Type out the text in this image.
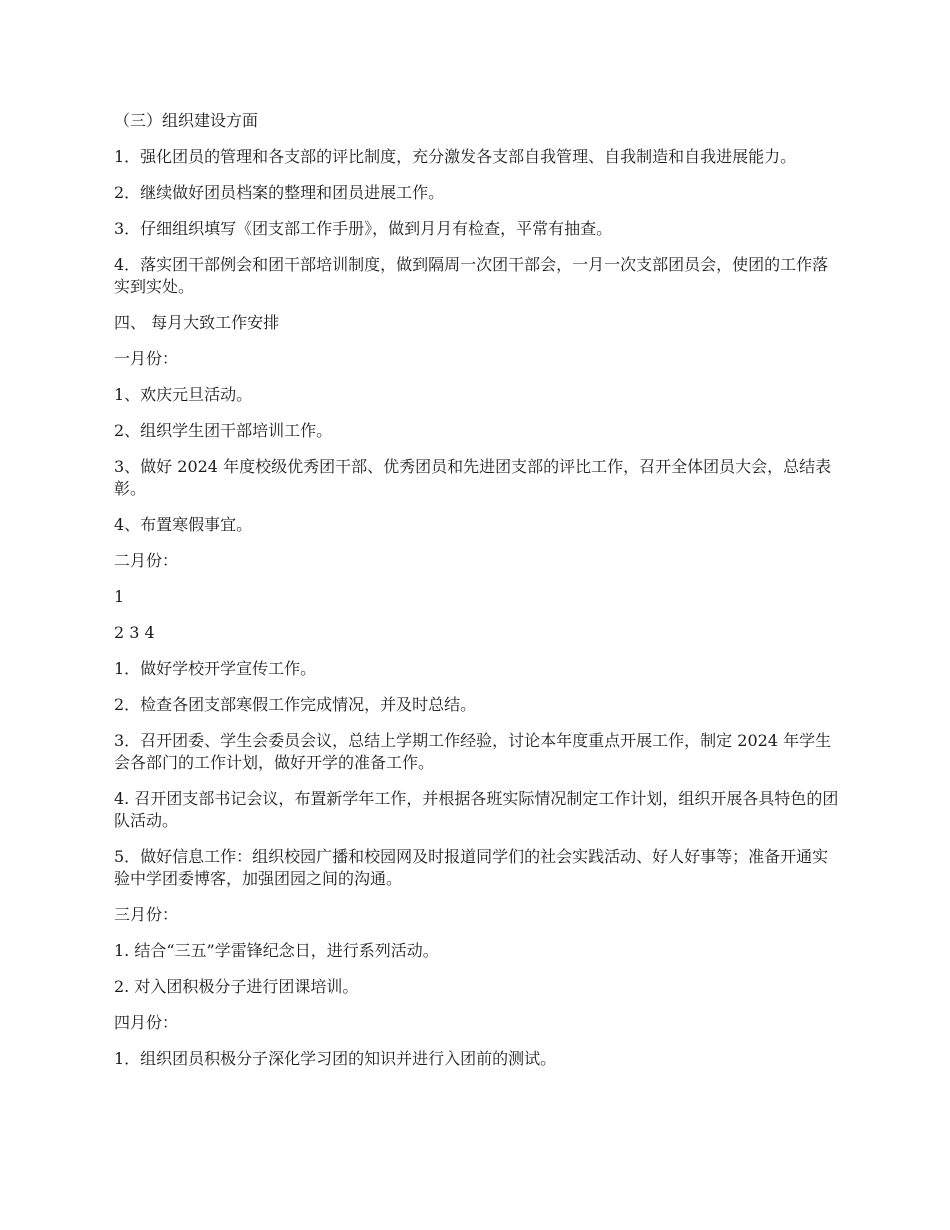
（三）组织建设方面

1．强化团员的管理和各支部的评比制度，充分激发各支部自我管理、自我制造和自我进展能力。

2．继续做好团员档案的整理和团员进展工作。

3．仔细组织填写《团支部工作手册》，做到月月有检查，平常有抽查。

4．落实团干部例会和团干部培训制度，做到隔周一次团干部会，一月一次支部团员会，使团的工作落实到实处。

四、 每月大致工作安排

一月份：

1、欢庆元旦活动。

2、组织学生团干部培训工作。

3、做好 2024 年度校级优秀团干部、优秀团员和先进团支部的评比工作，召开全体团员大会，总结表彰。

4、布置寒假事宜。

二月份：

1

2 3 4

1．做好学校开学宣传工作。

2．检查各团支部寒假工作完成情况，并及时总结。

3．召开团委、学生会委员会议，总结上学期工作经验，讨论本年度重点开展工作，制定 2024 年学生会各部门的工作计划，做好开学的准备工作。

4. 召开团支部书记会议，布置新学年工作，并根据各班实际情况制定工作计划，组织开展各具特色的团队活动。

5．做好信息工作：组织校园广播和校园网及时报道同学们的社会实践活动、好人好事等；准备开通实验中学团委博客，加强团园之间的沟通。

三月份：

1. 结合“三五”学雷锋纪念日，进行系列活动。

2. 对入团积极分子进行团课培训。

四月份：

1．组织团员积极分子深化学习团的知识并进行入团前的测试。
